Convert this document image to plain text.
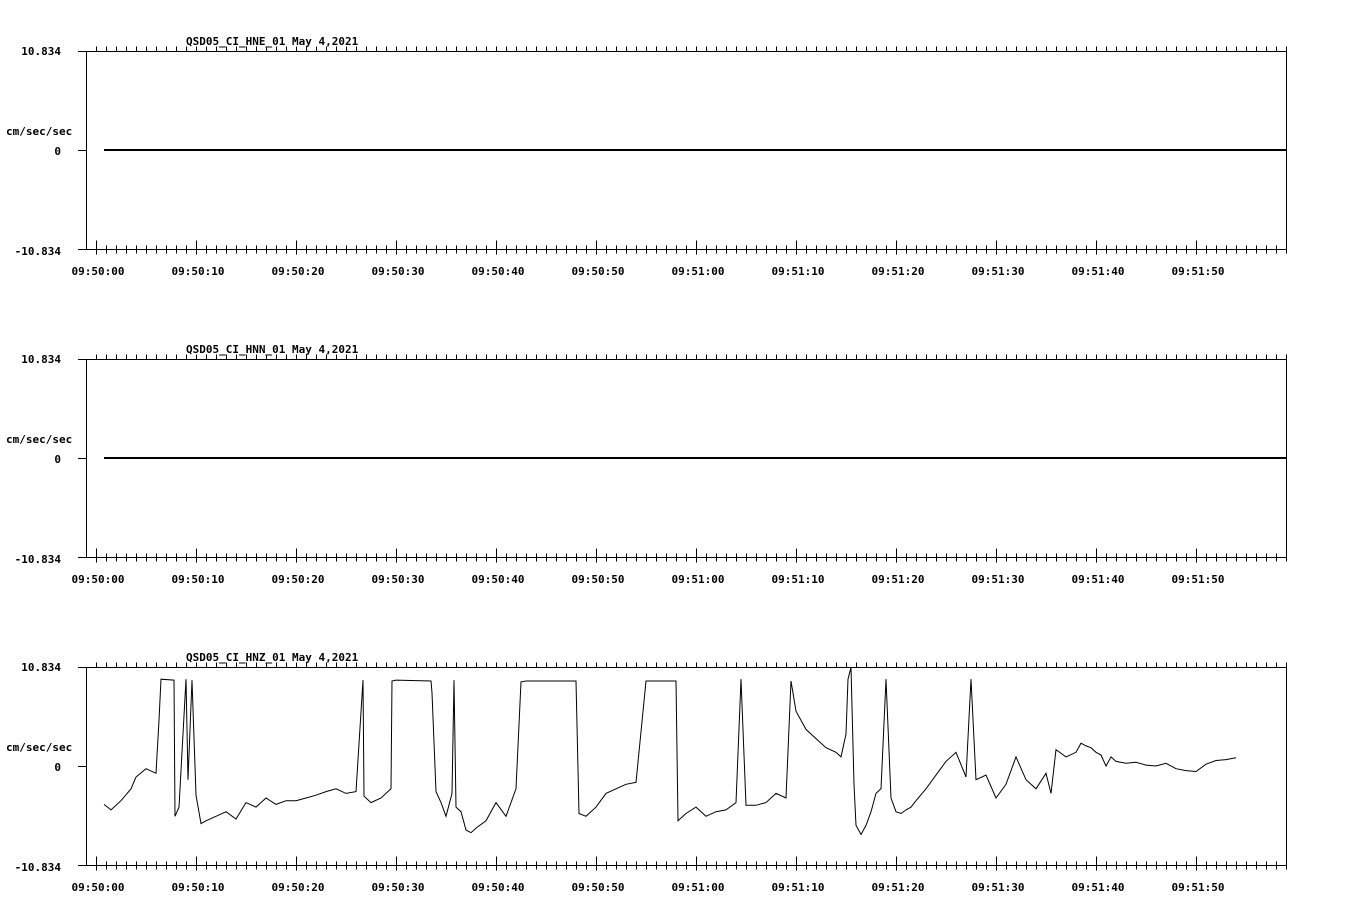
QSD05_CI_HNE_01 May 4,2021
10.834
cm/sec/sec
0
-10.834
09:50:00	09:50:10	09:50:20	09:50:30	09:50:40	09:50:50	09:51:00	09:51:10	09:51:20	09:51:30	09:51:40	09:51:50
QSD05_CI_HNN_01 May 4,2021
10.834
cm/sec/sec
0
-10.834
09:50:00	09:50:10	09:50:20	09:50:30	09:50:40	09:50:50	09:51:00	09:51:10	09:51:20	09:51:30	09:51:40	09:51:50
QSD05_CI_HNZ_01 May 4,2021
10.834
cm/sec/sec
0
-10.834
09:50:00	09:50:10	09:50:20	09:50:30	09:50:40	09:50:50	09:51:00	09:51:10	09:51:20	09:51:30	09:51:40	09:51:50
